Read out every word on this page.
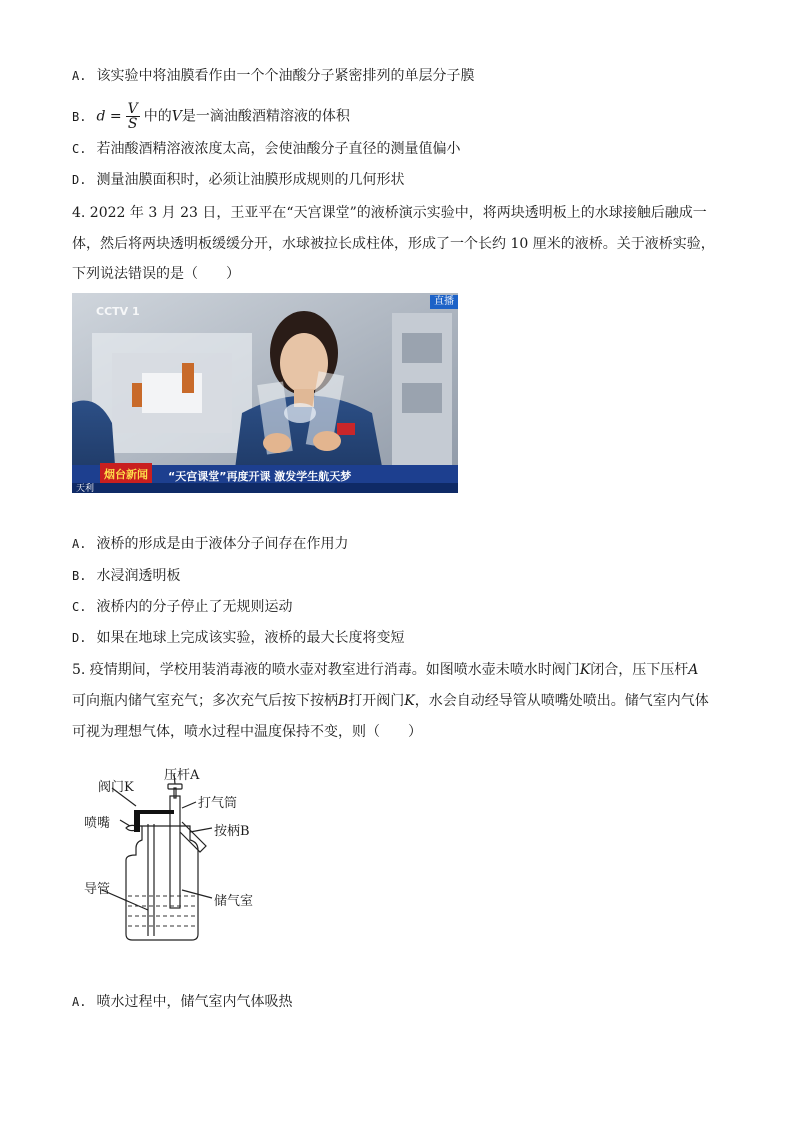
A. 该实验中将油膜看作由一个个油酸分子紧密排列的单层分子膜
B. $d = \frac{V}{S}$ 中的V是一滴油酸酒精溶液的体积
C. 若油酸酒精溶液浓度太高，会使油酸分子直径的测量值偏小
D. 测量油膜面积时，必须让油膜形成规则的几何形状
4. 2022 年 3 月 23 日，王亚平在“天宫课堂”的液桥演示实验中，将两块透明板上的水球接触后融成一
体，然后将两块透明板缓缓分开，水球被拉长成柱体，形成了一个长约 10 厘米的液桥。关于液桥实验，
下列说法错误的是（　　）
CCTV 1
直播
烟台新闻	“天宫课堂”再度开课 激发学生航天梦
天利
A. 液桥的形成是由于液体分子间存在作用力
B. 水浸润透明板
C. 液桥内的分子停止了无规则运动
D. 如果在地球上完成该实验，液桥的最大长度将变短
5. 疫情期间，学校用装消毒液的喷水壶对教室进行消毒。如图喷水壶未喷水时阀门K闭合，压下压杆A
可向瓶内储气室充气；多次充气后按下按柄B打开阀门K，水会自动经导管从喷嘴处喷出。储气室内气体
可视为理想气体，喷水过程中温度保持不变，则（　　）
阀门K
压杆A
打气筒
喷嘴
按柄B
导管
储气室
A. 喷水过程中，储气室内气体吸热
